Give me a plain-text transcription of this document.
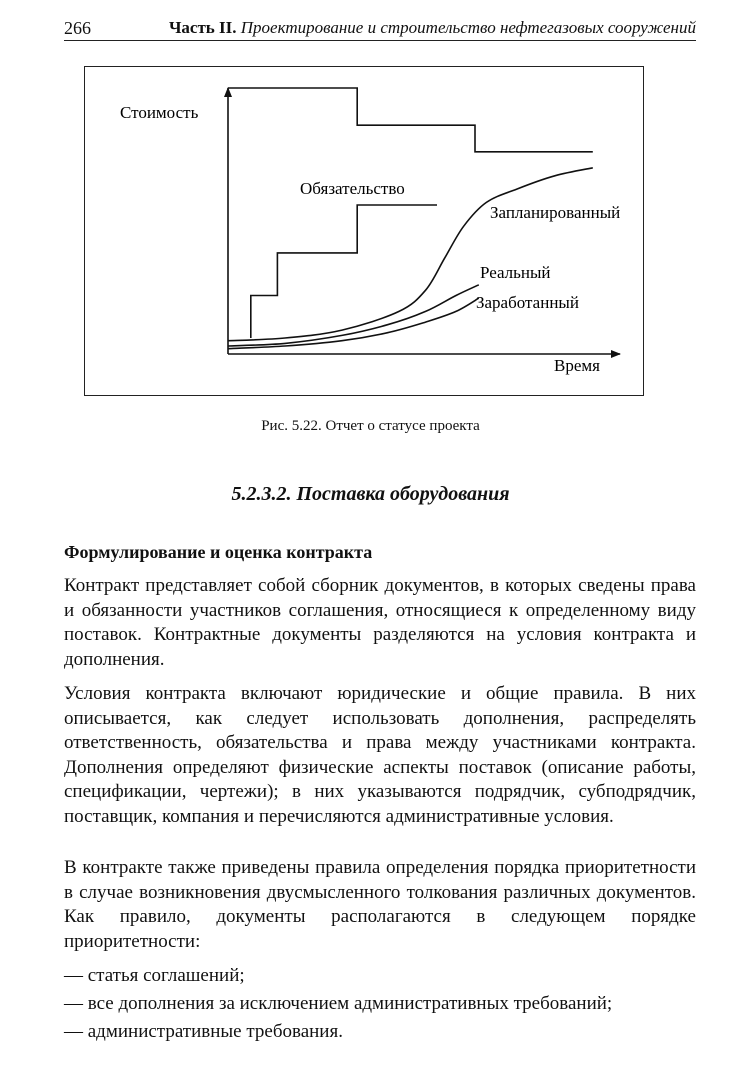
266	Часть II. Проектирование и строительство нефтегазовых сооружений
Стоимость
Время
Обязательство
Запланированный
Реальный
Заработанный
Рис. 5.22. Отчет о статусе проекта
5.2.3.2. Поставка оборудования
Формулирование и оценка контракта

Контракт представляет собой сборник документов, в которых сведены права и обязанности участников соглашения, относящиеся к определенному виду поставок. Контрактные документы разделяются на условия контракта и дополнения.

Условия контракта включают юридические и общие правила. В них описывается, как следует использовать дополнения, распределять ответственность, обязательства и права между участниками контракта. Дополнения определяют физические аспекты поставок (описание работы, спецификации, чертежи); в них указываются подрядчик, субподрядчик, поставщик, компания и перечисляются административные условия.

В контракте также приведены правила определения порядка приоритетности в случае возникновения двусмысленного толкования различных документов. Как правило, документы располагаются в следующем порядке приоритетности:

— статья соглашений;
— все дополнения за исключением административных требований;
— административные требования.
